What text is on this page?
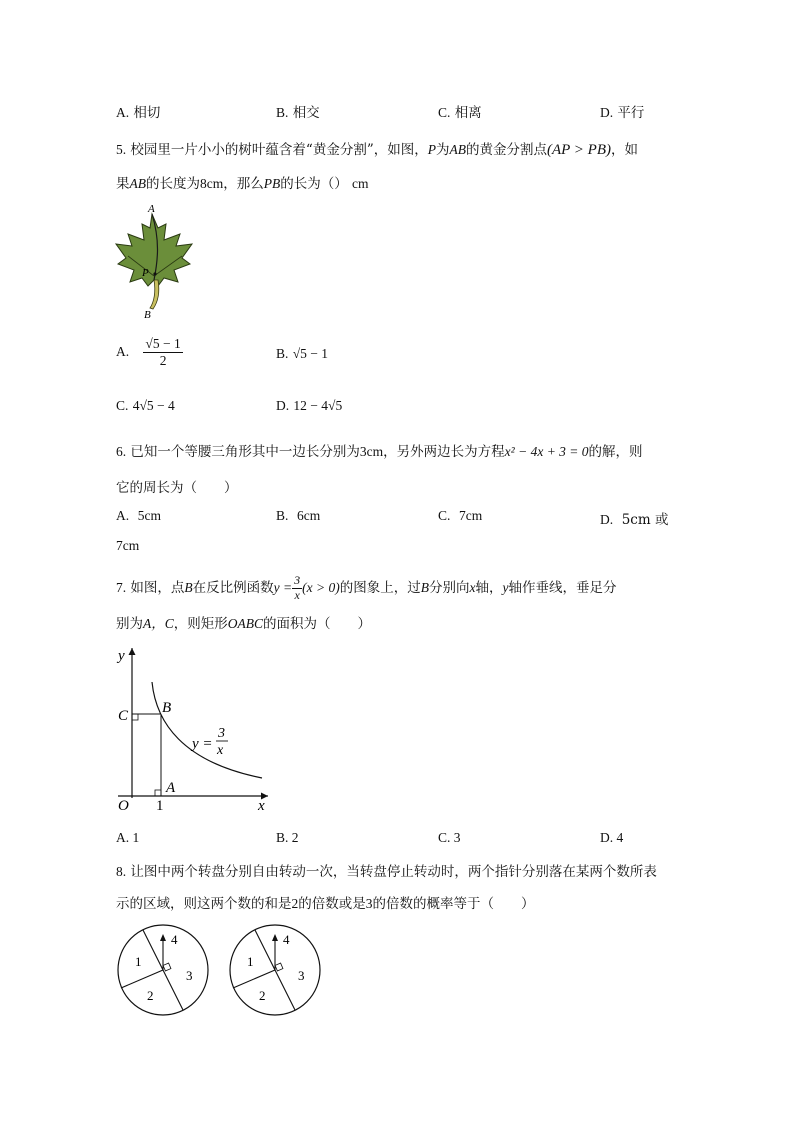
A. 相切	B. 相交	C. 相离	D. 平行
5. 校园里一片小小的树叶蕴含着“黄金分割”，如图，P为AB的黄金分割点(AP > PB)，如
果AB的长度为8cm，那么PB的长为（） cm
A
P
B
A. $\frac{√5 - 1}{2}$	B. √5 − 1
C. 4√5 − 4	D. 12 − 4√5
6. 已知一个等腰三角形其中一边长分别为3cm，另外两边长为方程x² − 4x + 3 = 0的解，则
它的周长为（　　）
A. 5cm	B. 6cm	C. 7cm	D. 5cm 或
7cm
7. 如图，点B在反比例函数$y = \frac{3}{x} (x > 0)$的图象上，过B分别向x轴，y轴作垂线，垂足分
别为A，C，则矩形OABC的面积为（　　）
y
x
O
C B
A
1
y =
3
x
A. 1	B. 2	C. 3	D. 4
8. 让图中两个转盘分别自由转动一次，当转盘停止转动时，两个指针分别落在某两个数所表
示的区域，则这两个数的和是2的倍数或是3的倍数的概率等于（　　）
1
2
3
4
1
2
3
4
